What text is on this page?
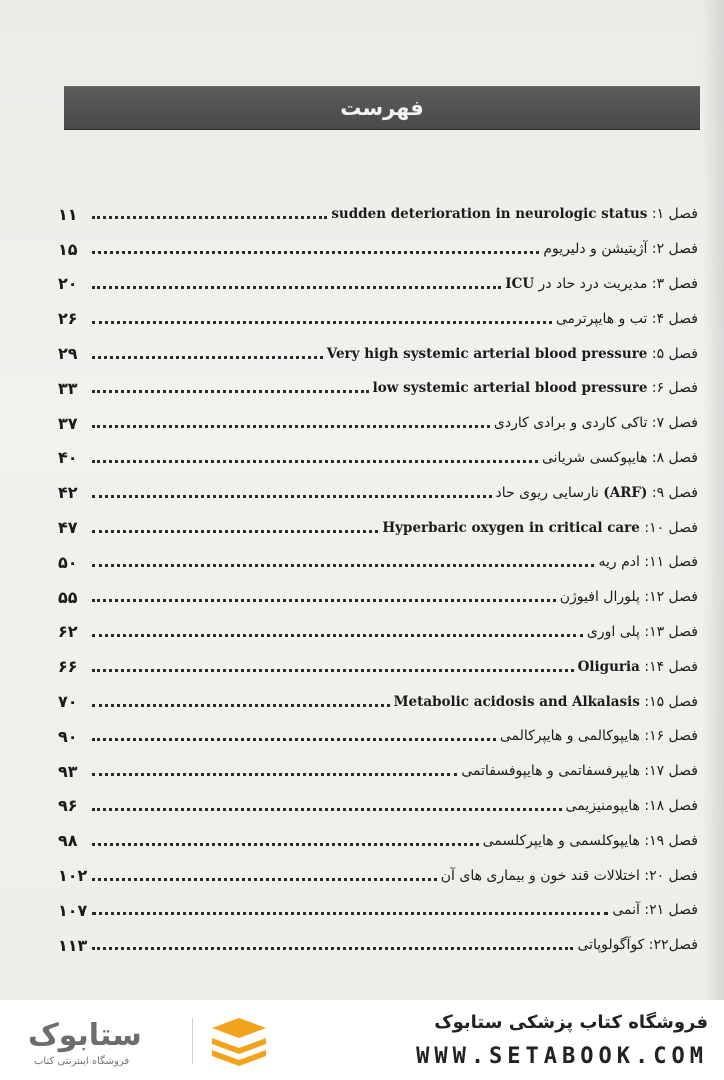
فهرست
۱۱	فصل ۱: sudden deterioration in neurologic status
۱۵	فصل ۲: آژیتیشن و دلیریوم
۲۰	فصل ۳: مدیریت درد حاد در ICU
۲۶	فصل ۴: تب و هایپرترمی
۲۹	فصل ۵: Very high systemic arterial blood pressure
۳۳	فصل ۶: low systemic arterial blood pressure
۳۷	فصل ۷: تاکی کاردی و برادی کاردی
۴۰	فصل ۸: هایپوکسی شریانی
۴۲	فصل ۹: (ARF) نارسایی ریوی حاد
۴۷	فصل ۱۰: Hyperbaric oxygen in critical care
۵۰	فصل ۱۱: ادم ریه
۵۵	فصل ۱۲: پلورال افیوژن
۶۲	فصل ۱۳: پلی اوری
۶۶	فصل ۱۴: Oliguria
۷۰	فصل ۱۵: Metabolic acidosis and Alkalasis
۹۰	فصل ۱۶: هایپوکالمی و هایپرکالمی
۹۳	فصل ۱۷: هایپرفسفاتمی و هایپوفسفاتمی
۹۶	فصل ۱۸: هایپومنیزیمی
۹۸	فصل ۱۹: هایپوکلسمی و هایپرکلسمی
۱۰۲	فصل ۲۰: اختلالات قند خون و بیماری های آن
۱۰۷	فصل ۲۱: آنمی
۱۱۳	فصل۲۲: کوآگولوپاتی
ستابوک
فروشگاه اینترنتی کتاب
فروشگاه کتاب پزشکی ستابوک
WWW.SETABOOK.COM
